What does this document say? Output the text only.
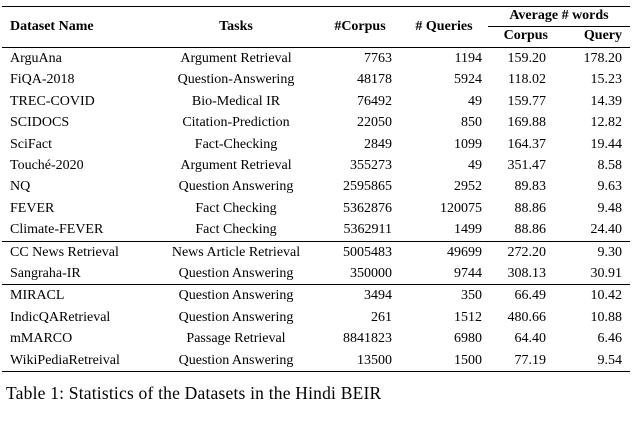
Dataset Name	Tasks	#Corpus	# Queries	Average # words	
				Corpus	Query
ArguAna	Argument Retrieval	7763	1194	159.20	178.20
FiQA-2018	Question-Answering	48178	5924	118.02	15.23
TREC-COVID	Bio-Medical IR	76492	49	159.77	14.39
SCIDOCS	Citation-Prediction	22050	850	169.88	12.82
SciFact	Fact-Checking	2849	1099	164.37	19.44
Touché-2020	Argument Retrieval	355273	49	351.47	8.58
NQ	Question Answering	2595865	2952	89.83	9.63
FEVER	Fact Checking	5362876	120075	88.86	9.48
Climate-FEVER	Fact Checking	5362911	1499	88.86	24.40
CC News Retrieval	News Article Retrieval	5005483	49699	272.20	9.30
Sangraha-IR	Question Answering	350000	9744	308.13	30.91
MIRACL	Question Answering	3494	350	66.49	10.42
IndicQARetrieval	Question Answering	261	1512	480.66	10.88
mMARCO	Passage Retrieval	8841823	6980	64.40	6.46
WikiPediaRetreival	Question Answering	13500	1500	77.19	9.54
Table 1: Statistics of the Datasets in the Hindi BEIR
